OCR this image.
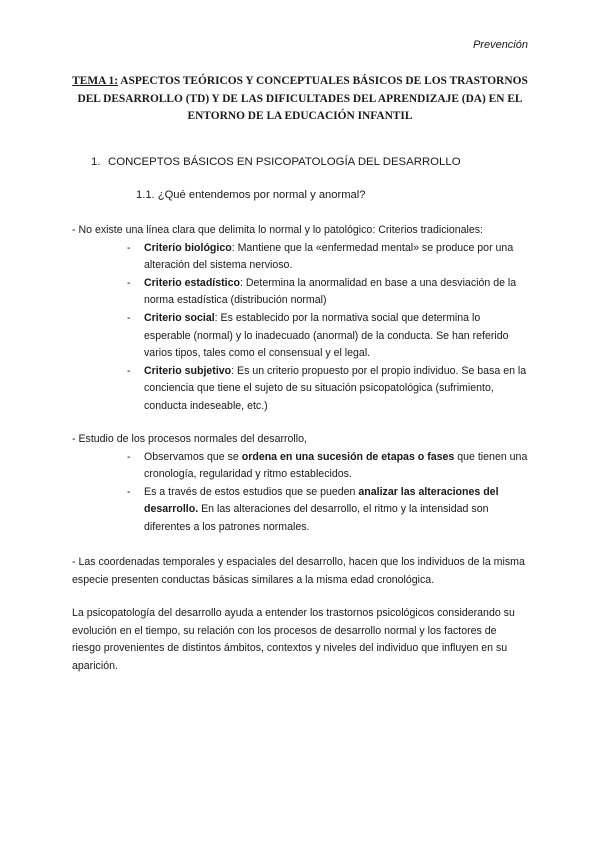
Prevención
TEMA 1: ASPECTOS TEÓRICOS Y CONCEPTUALES BÁSICOS DE LOS TRASTORNOS DEL DESARROLLO (TD) Y DE LAS DIFICULTADES DEL APRENDIZAJE (DA) EN EL ENTORNO DE LA EDUCACIÓN INFANTIL
1. CONCEPTOS BÁSICOS EN PSICOPATOLOGÍA DEL DESARROLLO
1.1. ¿Qué entendemos por normal y anormal?

- No existe una línea clara que delimita lo normal y lo patológico: Criterios tradicionales:

- Criterio biológico: Mantiene que la «enfermedad mental» se produce por una alteración del sistema nervioso.
- Criterio estadístico: Determina la anormalidad en base a una desviación de la norma estadística (distribución normal)
- Criterio social: Es establecido por la normativa social que determina lo esperable (normal) y lo inadecuado (anormal) de la conducta. Se han referido varios tipos, tales como el consensual y el legal.
- Criterio subjetivo: Es un criterio propuesto por el propio individuo. Se basa en la conciencia que tiene el sujeto de su situación psicopatológica (sufrimiento, conducta indeseable, etc.)

- Estudio de los procesos normales del desarrollo,

- Observamos que se ordena en una sucesión de etapas o fases que tienen una cronología, regularidad y ritmo establecidos.
- Es a través de estos estudios que se pueden analizar las alteraciones del desarrollo. En las alteraciones del desarrollo, el ritmo y la intensidad son diferentes a los patrones normales.

- Las coordenadas temporales y espaciales del desarrollo, hacen que los individuos de la misma especie presenten conductas básicas similares a la misma edad cronológica.

La psicopatología del desarrollo ayuda a entender los trastornos psicológicos considerando su evolución en el tiempo, su relación con los procesos de desarrollo normal y los factores de riesgo provenientes de distintos ámbitos, contextos y niveles del individuo que influyen en su aparición.
